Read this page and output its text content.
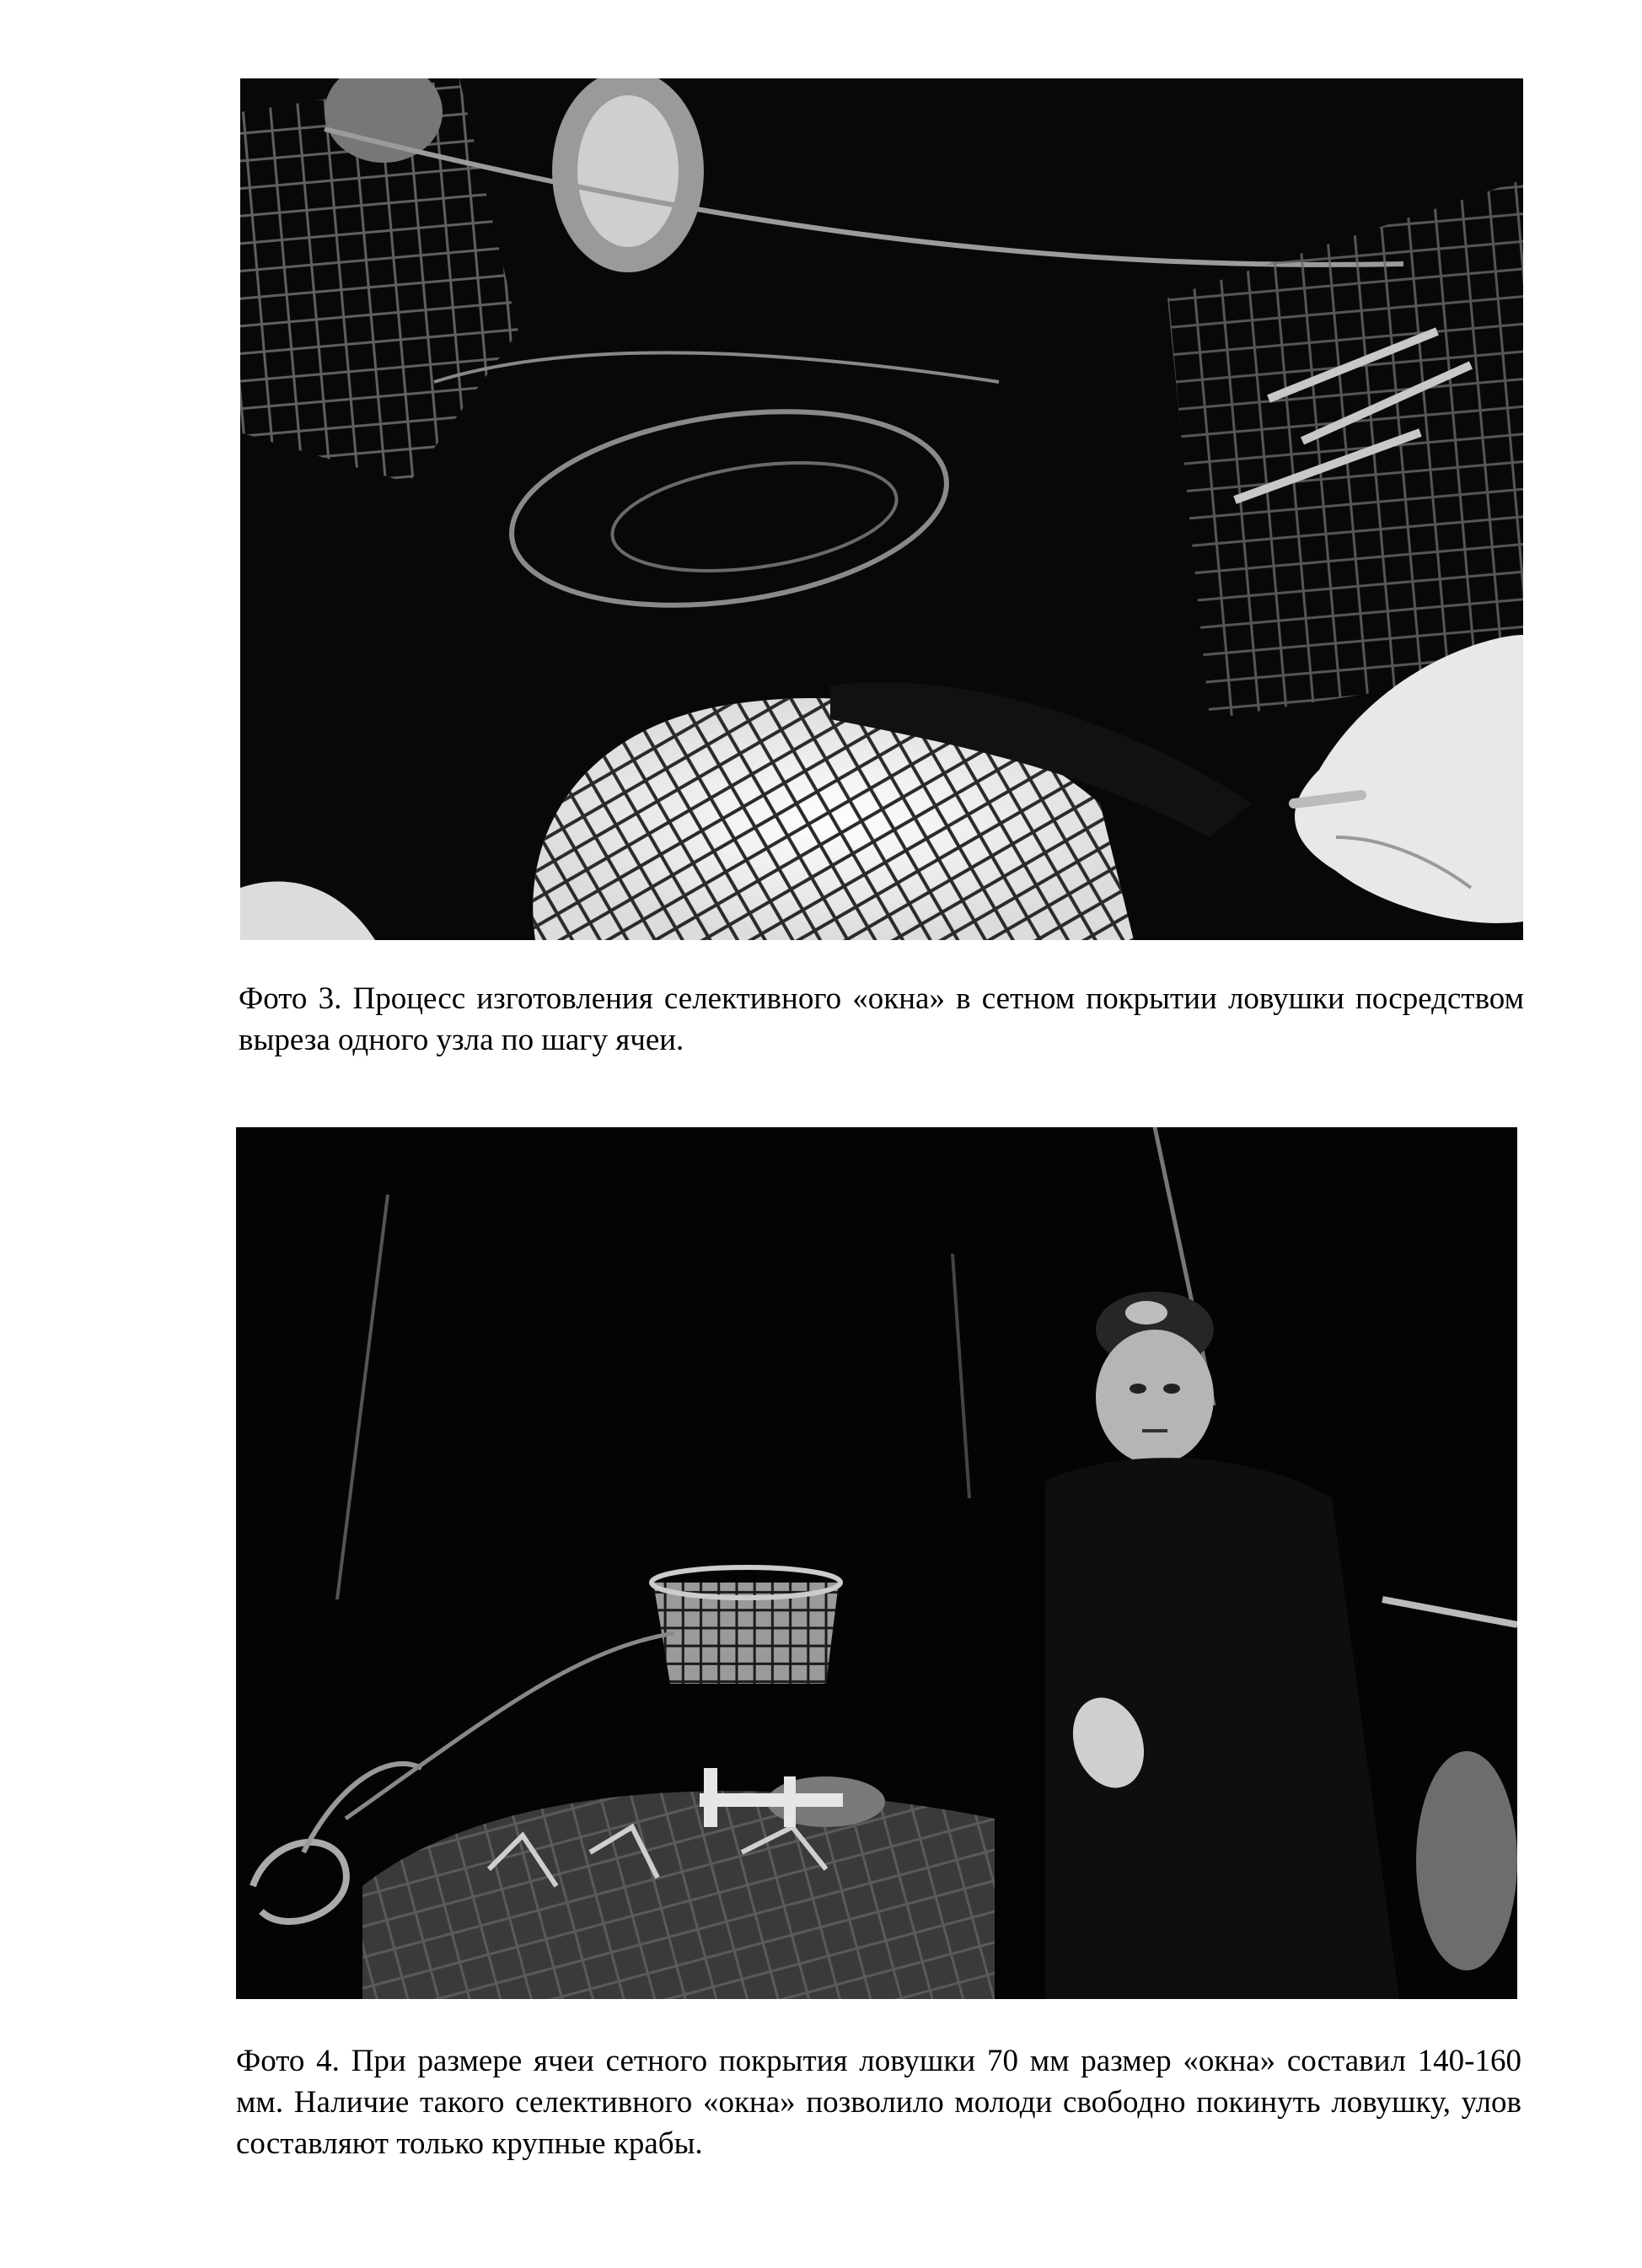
Фото 3. Процесс изготовления селективного «окна» в сетном покрытии ловушки посредством выреза одного узла по шагу ячеи.

Фото 4. При размере ячеи сетного покрытия ловушки 70 мм размер «окна» составил 140-160 мм. Наличие такого селективного «окна» позволило молоди свободно покинуть ловушку, улов составляют только крупные крабы.
